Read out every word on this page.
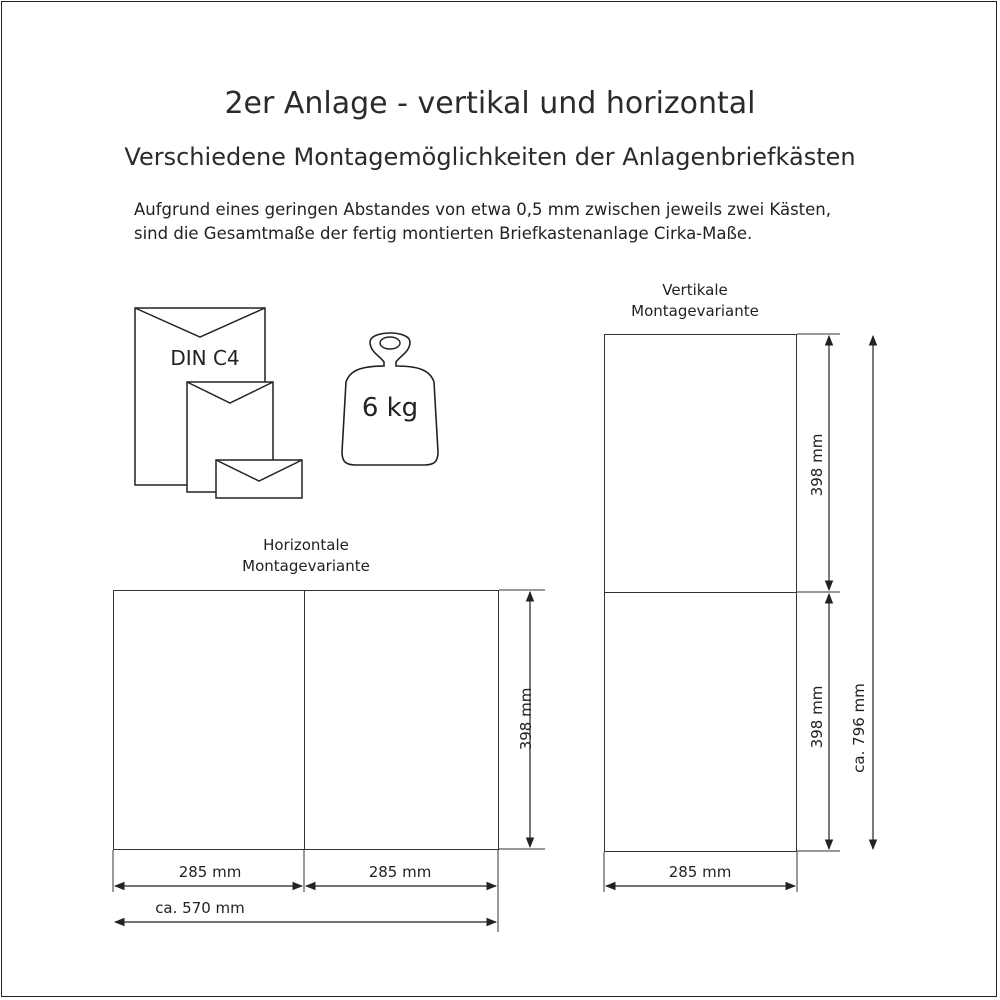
2er Anlage - vertikal und horizontal
Verschiedene Montagemöglichkeiten der Anlagenbriefkästen
Aufgrund eines geringen Abstandes von etwa 0,5 mm zwischen jeweils zwei Kästen,
sind die Gesamtmaße der fertig montierten Briefkastenanlage Cirka-Maße.
DIN C4
6 kg
Horizontale
Montagevariante
Vertikale
Montagevariante
285 mm	285 mm
ca. 570 mm
285 mm
398 mm
398 mm
398 mm ca. 796 mm
